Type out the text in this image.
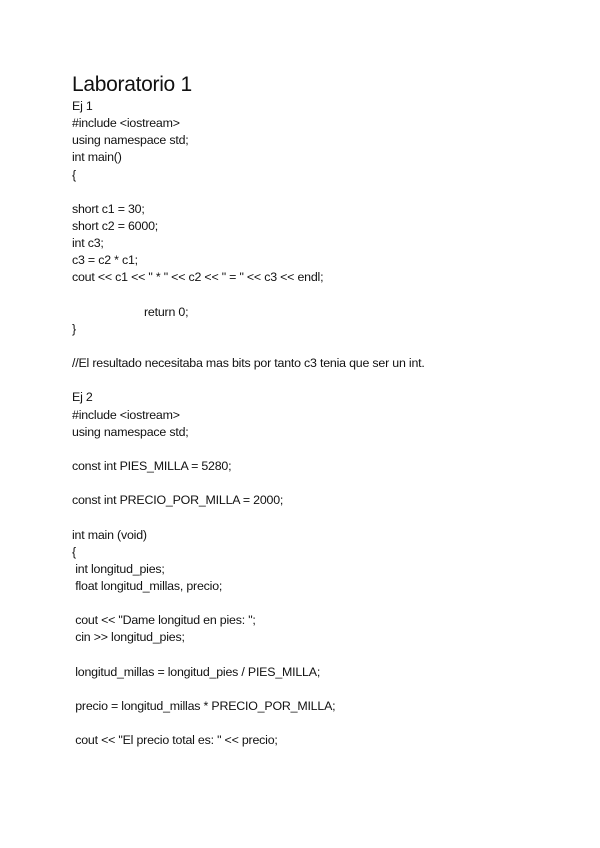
Laboratorio 1
Ej 1
#include <iostream>
using namespace std;
int main()
{
short c1 = 30;
short c2 = 6000;
int c3;
c3 = c2 * c1;
cout << c1 << " * " << c2 << " = " << c3 << endl;
			return 0;
}
//El resultado necesitaba mas bits por tanto c3 tenia que ser un int.
Ej 2
#include <iostream>
using namespace std;
const int PIES_MILLA = 5280;
const int PRECIO_POR_MILLA = 2000;
int main (void)
{
int longitud_pies;
float longitud_millas, precio;
cout << "Dame longitud en pies: ";
cin >> longitud_pies;
longitud_millas = longitud_pies / PIES_MILLA;
precio = longitud_millas * PRECIO_POR_MILLA;
cout << "El precio total es: " << precio;
